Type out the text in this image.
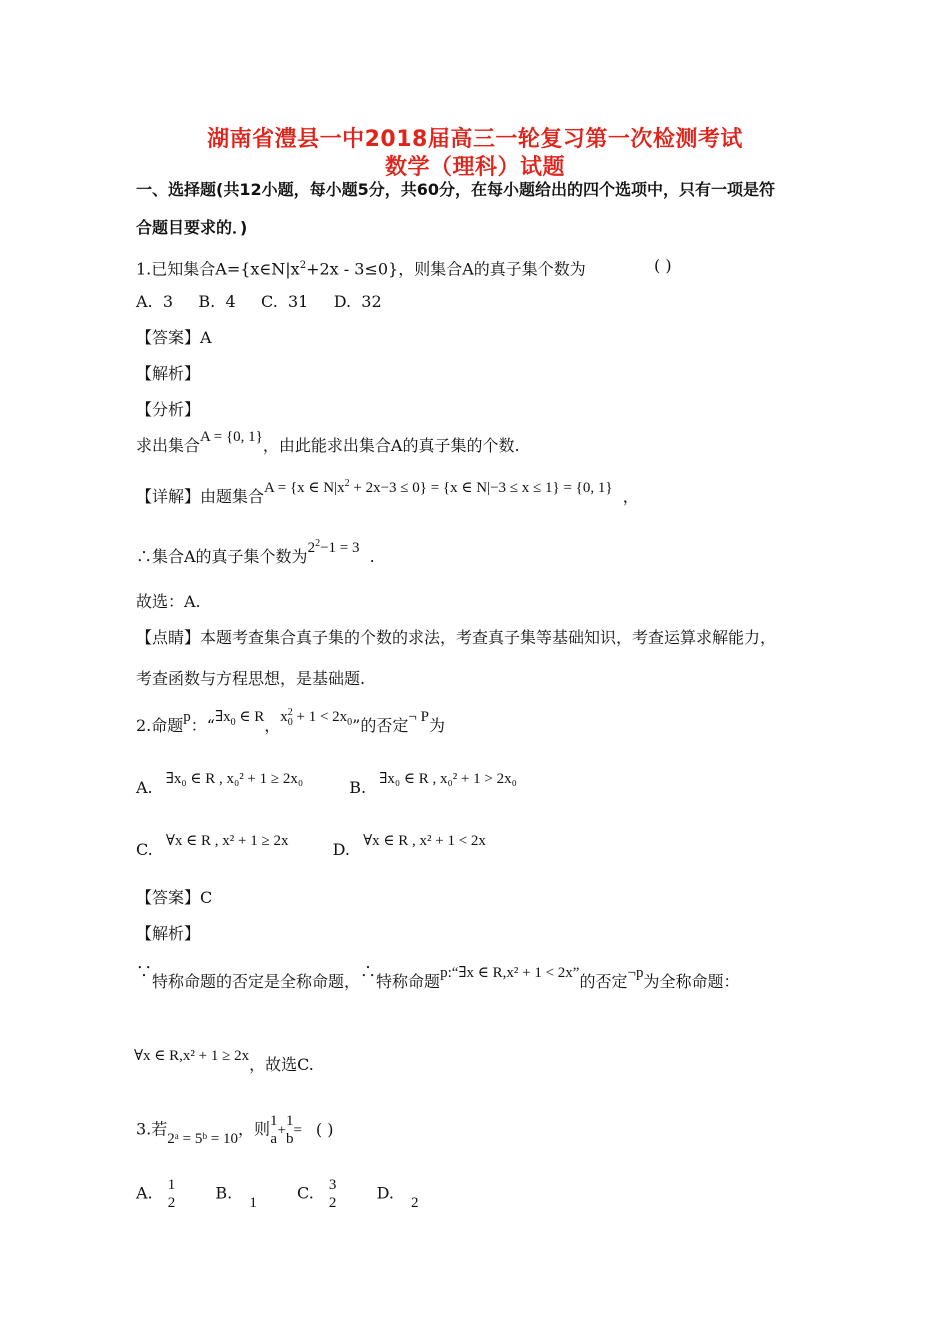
湖南省澧县一中2018届高三一轮复习第一次检测考试
数学（理科）试题
一、选择题(共12小题，每小题5分，共60分，在每小题给出的四个选项中，只有一项是符
合题目要求的．)
1.已知集合$A=\{x\in N|x^2+2x - 3\le 0\}$，则集合A的真子集个数为	( )
A.  3     B.  4     C.  31     D.  32
【答案】A
【解析】
【分析】
求出集合A = {0, 1}，由此能求出集合A的真子集的个数.
【详解】由题集合A = {x ∈ $N|x^2 + 2x-3 \le 0\} = \{x$ ∈ N|−3 ≤ x ≤ 1} = {0, 1} ，
∴集合A的真子集个数为$2^2-1 = 3$ .
故选：A.
【点睛】本题考查集合真子集的个数的求法，考查真子集等基础知识，考查运算求解能力，
考查函数与方程思想，是基础题.
2.命题p：“$\exists x_0$ ∈ R，x 2
$0 + 1 < 2x_0$”的否定¬ P为
A. ∃x₀ ∈ R , x₀² + 1 ≥ 2x₀	B. ∃x₀ ∈ R , x₀² + 1 > 2x₀
C. ∀x ∈ R , x² + 1 ≥ 2x	D. ∀x ∈ R , x² + 1 < 2x
【答案】C
【解析】
∵特称命题的否定是全称命题，∴特称命题p:“∃x ∈ R,x² + 1 < 2x”的否定¬p为全称命题：
∀x ∈ R,x² + 1 ≥ 2x，故选C.
3.若2ᵃ = 5ᵇ = 10，则 1
a
+
1
b
= ( )
A. 1
2
B. 1	C. 3
2
D. 2
